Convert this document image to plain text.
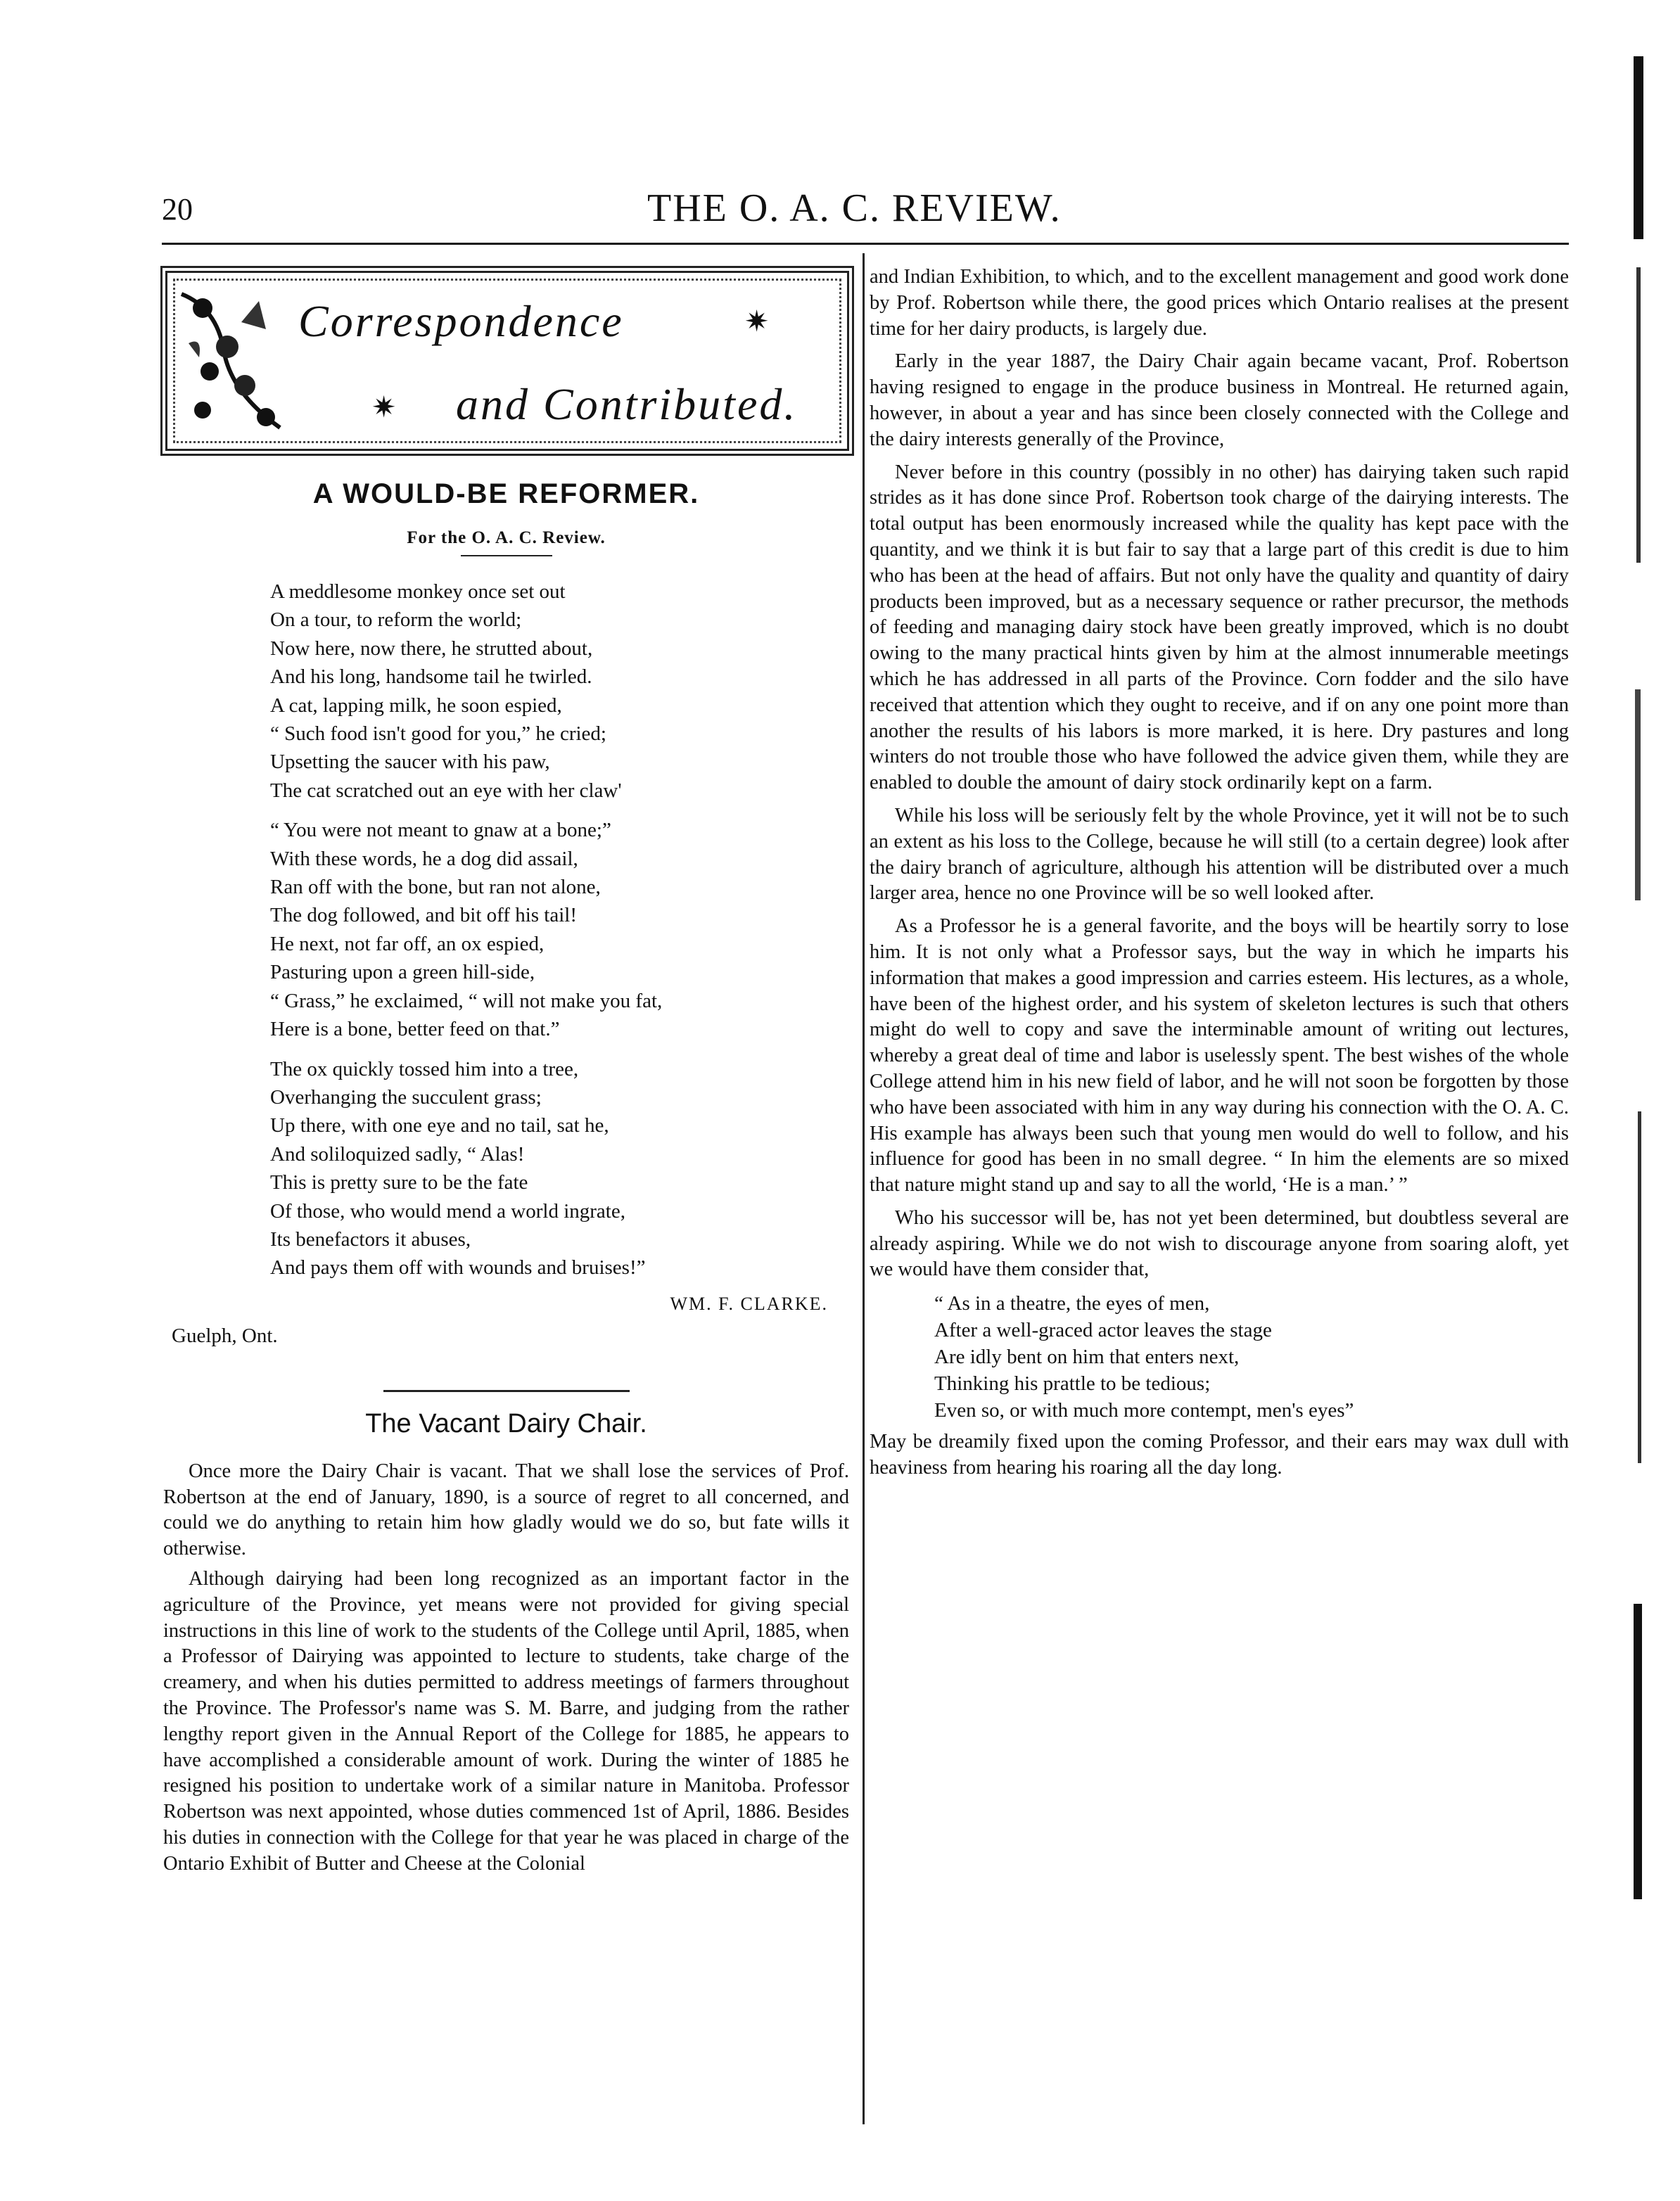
20	THE O. A. C. REVIEW.
Correspondence	✷
✷ and Contributed.
A WOULD-BE REFORMER.
For the O. A. C. Review.
A meddlesome monkey once set out
On a tour, to reform the world;
Now here, now there, he strutted about,
And his long, handsome tail he twirled.
A cat, lapping milk, he soon espied,
“ Such food isn't good for you,” he cried;
Upsetting the saucer with his paw,
The cat scratched out an eye with her claw'
“ You were not meant to gnaw at a bone;”
With these words, he a dog did assail,
Ran off with the bone, but ran not alone,
The dog followed, and bit off his tail!
He next, not far off, an ox espied,
Pasturing upon a green hill-side,
“ Grass,” he exclaimed, “ will not make you fat,
Here is a bone, better feed on that.”
The ox quickly tossed him into a tree,
Overhanging the succulent grass;
Up there, with one eye and no tail, sat he,
And soliloquized sadly, “ Alas!
This is pretty sure to be the fate
Of those, who would mend a world ingrate,
Its benefactors it abuses,
And pays them off with wounds and bruises!”
WM. F. CLARKE.
Guelph, Ont.
The Vacant Dairy Chair.

Once more the Dairy Chair is vacant. That we shall lose the services of Prof. Robertson at the end of January, 1890, is a source of regret to all concerned, and could we do anything to retain him how gladly would we do so, but fate wills it otherwise.

Although dairying had been long recognized as an important factor in the agriculture of the Province, yet means were not provided for giving special instructions in this line of work to the students of the College until April, 1885, when a Professor of Dairying was appointed to lecture to students, take charge of the creamery, and when his duties permitted to address meetings of farmers throughout the Province. The Professor's name was S. M. Barre, and judging from the rather lengthy report given in the Annual Report of the College for 1885, he appears to have accomplished a considerable amount of work. During the winter of 1885 he resigned his position to undertake work of a similar nature in Manitoba. Professor Robertson was next appointed, whose duties commenced 1st of April, 1886. Besides his duties in connection with the College for that year he was placed in charge of the Ontario Exhibit of Butter and Cheese at the Colonial

and Indian Exhibition, to which, and to the excellent management and good work done by Prof. Robertson while there, the good prices which Ontario realises at the present time for her dairy products, is largely due.

Early in the year 1887, the Dairy Chair again became vacant, Prof. Robertson having resigned to engage in the produce business in Montreal. He returned again, however, in about a year and has since been closely connected with the College and the dairy interests generally of the Province,

Never before in this country (possibly in no other) has dairying taken such rapid strides as it has done since Prof. Robertson took charge of the dairying interests. The total output has been enormously increased while the quality has kept pace with the quantity, and we think it is but fair to say that a large part of this credit is due to him who has been at the head of affairs. But not only have the quality and quantity of dairy products been improved, but as a necessary sequence or rather precursor, the methods of feeding and managing dairy stock have been greatly improved, which is no doubt owing to the many practical hints given by him at the almost innumerable meetings which he has addressed in all parts of the Province. Corn fodder and the silo have received that attention which they ought to receive, and if on any one point more than another the results of his labors is more marked, it is here. Dry pastures and long winters do not trouble those who have followed the advice given them, while they are enabled to double the amount of dairy stock ordinarily kept on a farm.

While his loss will be seriously felt by the whole Province, yet it will not be to such an extent as his loss to the College, because he will still (to a certain degree) look after the dairy branch of agriculture, although his attention will be distributed over a much larger area, hence no one Province will be so well looked after.

As a Professor he is a general favorite, and the boys will be heartily sorry to lose him. It is not only what a Professor says, but the way in which he imparts his information that makes a good impression and carries esteem. His lectures, as a whole, have been of the highest order, and his system of skeleton lectures is such that others might do well to copy and save the interminable amount of writing out lectures, whereby a great deal of time and labor is uselessly spent. The best wishes of the whole College attend him in his new field of labor, and he will not soon be forgotten by those who have been associated with him in any way during his connection with the O. A. C. His example has always been such that young men would do well to follow, and his influence for good has been in no small degree. “ In him the elements are so mixed that nature might stand up and say to all the world, ‘He is a man.’ ”

Who his successor will be, has not yet been determined, but doubtless several are already aspiring. While we do not wish to discourage anyone from soaring aloft, yet we would have them consider that,

“ As in a theatre, the eyes of men,
After a well-graced actor leaves the stage
Are idly bent on him that enters next,
Thinking his prattle to be tedious;
Even so, or with much more contempt, men's eyes”

May be dreamily fixed upon the coming Professor, and their ears may wax dull with heaviness from hearing his roaring all the day long.
